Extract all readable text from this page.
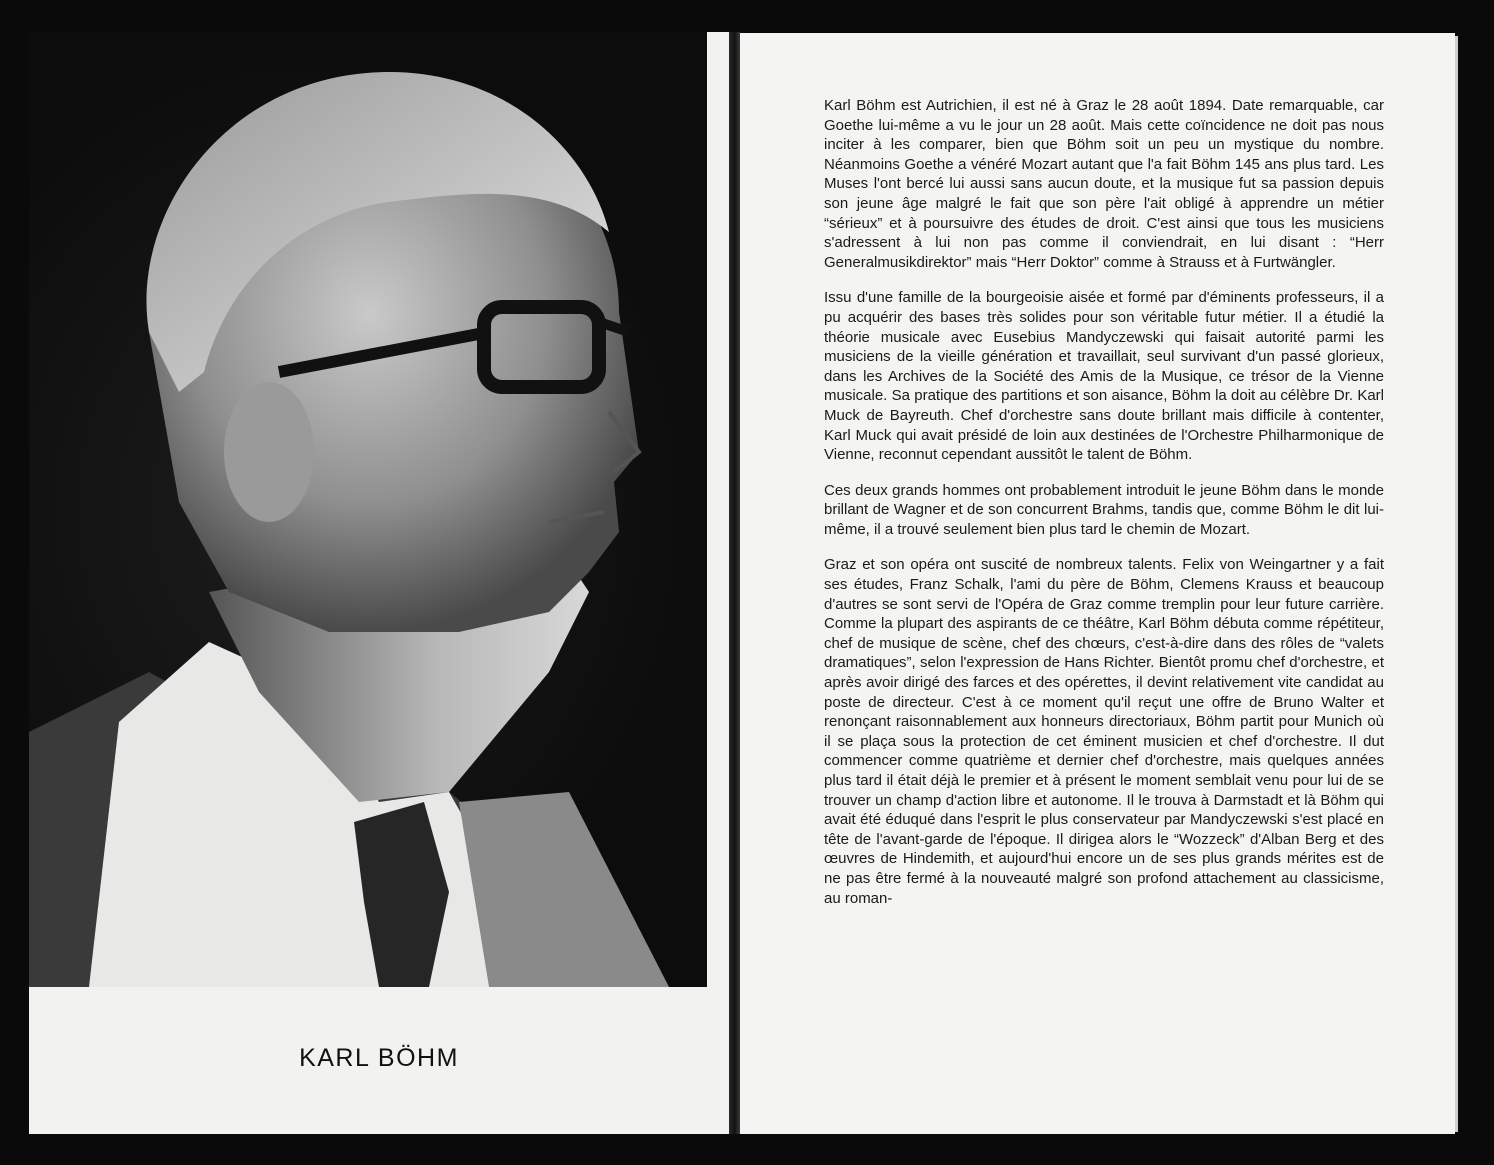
KARL BÖHM

Karl Böhm est Autrichien, il est né à Graz le 28 août 1894. Date remarquable, car Goethe lui-même a vu le jour un 28 août. Mais cette coïncidence ne doit pas nous inciter à les comparer, bien que Böhm soit un peu un mystique du nombre. Néanmoins Goethe a vénéré Mozart autant que l'a fait Böhm 145 ans plus tard. Les Muses l'ont bercé lui aussi sans aucun doute, et la musique fut sa passion depuis son jeune âge malgré le fait que son père l'ait obligé à apprendre un métier “sérieux” et à poursuivre des études de droit. C'est ainsi que tous les musiciens s'adressent à lui non pas comme il conviendrait, en lui disant : “Herr Generalmusikdirektor” mais “Herr Doktor” comme à Strauss et à Furtwängler.

Issu d'une famille de la bourgeoisie aisée et formé par d'éminents professeurs, il a pu acquérir des bases très solides pour son véritable futur métier. Il a étudié la théorie musicale avec Eusebius Mandyczewski qui faisait autorité parmi les musiciens de la vieille génération et travaillait, seul survivant d'un passé glorieux, dans les Archives de la Société des Amis de la Musique, ce trésor de la Vienne musicale. Sa pratique des partitions et son aisance, Böhm la doit au célèbre Dr. Karl Muck de Bayreuth. Chef d'orchestre sans doute brillant mais difficile à contenter, Karl Muck qui avait présidé de loin aux destinées de l'Orchestre Philharmonique de Vienne, reconnut cependant aussitôt le talent de Böhm.

Ces deux grands hommes ont probablement introduit le jeune Böhm dans le monde brillant de Wagner et de son concurrent Brahms, tandis que, comme Böhm le dit lui-même, il a trouvé seulement bien plus tard le chemin de Mozart.

Graz et son opéra ont suscité de nombreux talents. Felix von Weingartner y a fait ses études, Franz Schalk, l'ami du père de Böhm, Clemens Krauss et beaucoup d'autres se sont servi de l'Opéra de Graz comme tremplin pour leur future carrière. Comme la plupart des aspirants de ce théâtre, Karl Böhm débuta comme répétiteur, chef de musique de scène, chef des chœurs, c'est-à-dire dans des rôles de “valets dramatiques”, selon l'expression de Hans Richter. Bientôt promu chef d'orchestre, et après avoir dirigé des farces et des opérettes, il devint relativement vite candidat au poste de directeur. C'est à ce moment qu'il reçut une offre de Bruno Walter et renonçant raisonnablement aux honneurs directoriaux, Böhm partit pour Munich où il se plaça sous la protection de cet éminent musicien et chef d'orchestre. Il dut commencer comme quatrième et dernier chef d'orchestre, mais quelques années plus tard il était déjà le premier et à présent le moment semblait venu pour lui de se trouver un champ d'action libre et autonome. Il le trouva à Darmstadt et là Böhm qui avait été éduqué dans l'esprit le plus conservateur par Mandyczewski s'est placé en tête de l'avant-garde de l'époque. Il dirigea alors le “Wozzeck” d'Alban Berg et des œuvres de Hindemith, et aujourd'hui encore un de ses plus grands mérites est de ne pas être fermé à la nouveauté malgré son profond attachement au classicisme, au roman-
